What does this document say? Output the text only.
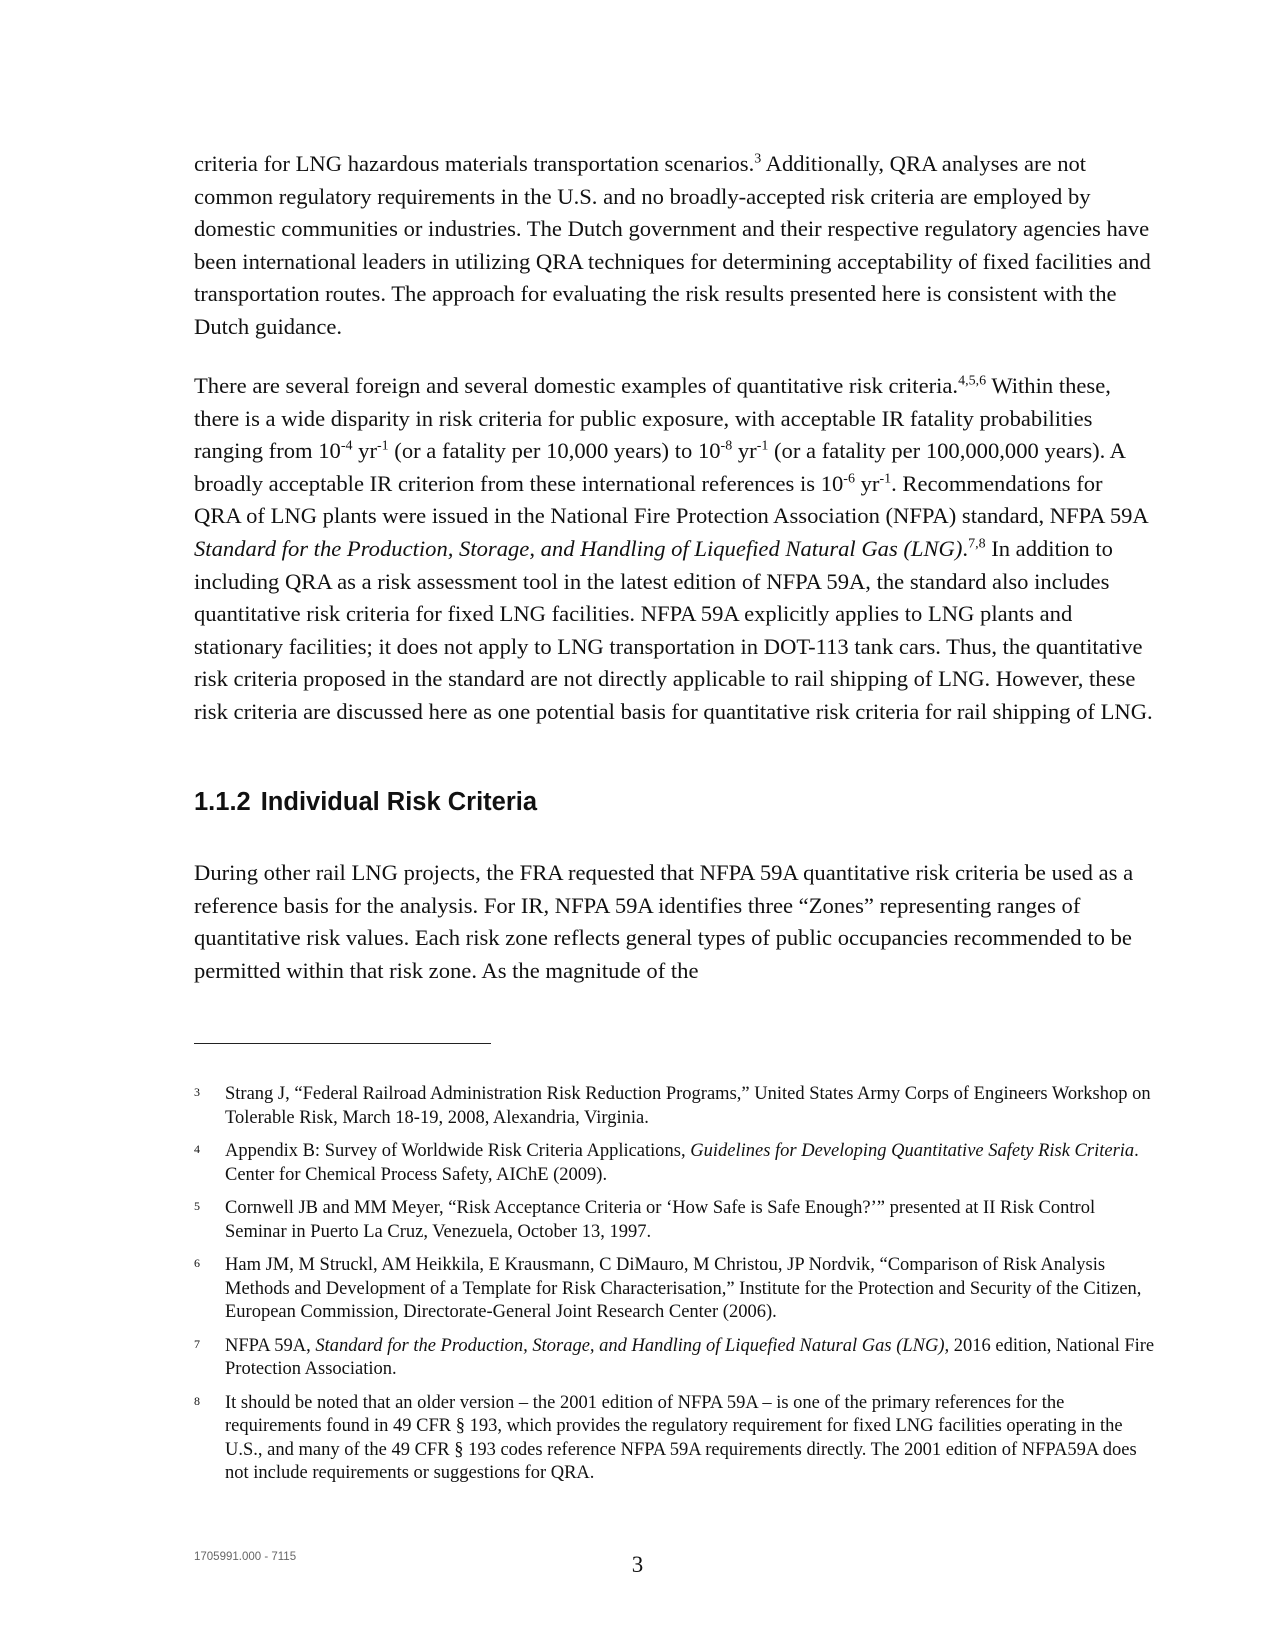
criteria for LNG hazardous materials transportation scenarios.$^3$ Additionally, QRA analyses are not common regulatory requirements in the U.S. and no broadly-accepted risk criteria are employed by domestic communities or industries. The Dutch government and their respective regulatory agencies have been international leaders in utilizing QRA techniques for determining acceptability of fixed facilities and transportation routes. The approach for evaluating the risk results presented here is consistent with the Dutch guidance.

There are several foreign and several domestic examples of quantitative risk criteria.$^{4,5,6}$ Within these, there is a wide disparity in risk criteria for public exposure, with acceptable IR fatality probabilities ranging from $10^{-4}$ $yr^{-1}$ (or a fatality per 10,000 years) to $10^{-8}$ $yr^{-1}$ (or a fatality per 100,000,000 years). A broadly acceptable IR criterion from these international references is $10^{-6}$ $yr^{-1}$. Recommendations for QRA of LNG plants were issued in the National Fire Protection Association (NFPA) standard, NFPA 59A Standard for the Production, Storage, and Handling of Liquefied Natural Gas (LNG).$^{7,8}$ In addition to including QRA as a risk assessment tool in the latest edition of NFPA 59A, the standard also includes quantitative risk criteria for fixed LNG facilities. NFPA 59A explicitly applies to LNG plants and stationary facilities; it does not apply to LNG transportation in DOT-113 tank cars. Thus, the quantitative risk criteria proposed in the standard are not directly applicable to rail shipping of LNG. However, these risk criteria are discussed here as one potential basis for quantitative risk criteria for rail shipping of LNG.

1.1.2 Individual Risk Criteria

During other rail LNG projects, the FRA requested that NFPA 59A quantitative risk criteria be used as a reference basis for the analysis. For IR, NFPA 59A identifies three “Zones” representing ranges of quantitative risk values. Each risk zone reflects general types of public occupancies recommended to be permitted within that risk zone. As the magnitude of the

3 Strang J, “Federal Railroad Administration Risk Reduction Programs,” United States Army Corps of Engineers Workshop on Tolerable Risk, March 18-19, 2008, Alexandria, Virginia.
4 Appendix B: Survey of Worldwide Risk Criteria Applications, Guidelines for Developing Quantitative Safety Risk Criteria. Center for Chemical Process Safety, AIChE (2009).
5 Cornwell JB and MM Meyer, “Risk Acceptance Criteria or ‘How Safe is Safe Enough?’” presented at II Risk Control Seminar in Puerto La Cruz, Venezuela, October 13, 1997.
6 Ham JM, M Struckl, AM Heikkila, E Krausmann, C DiMauro, M Christou, JP Nordvik, “Comparison of Risk Analysis Methods and Development of a Template for Risk Characterisation,” Institute for the Protection and Security of the Citizen, European Commission, Directorate-General Joint Research Center (2006).
7 NFPA 59A, Standard for the Production, Storage, and Handling of Liquefied Natural Gas (LNG), 2016 edition, National Fire Protection Association.
8 It should be noted that an older version – the 2001 edition of NFPA 59A – is one of the primary references for the requirements found in 49 CFR § 193, which provides the regulatory requirement for fixed LNG facilities operating in the U.S., and many of the 49 CFR § 193 codes reference NFPA 59A requirements directly. The 2001 edition of NFPA59A does not include requirements or suggestions for QRA.
1705991.000 - 7115	3
